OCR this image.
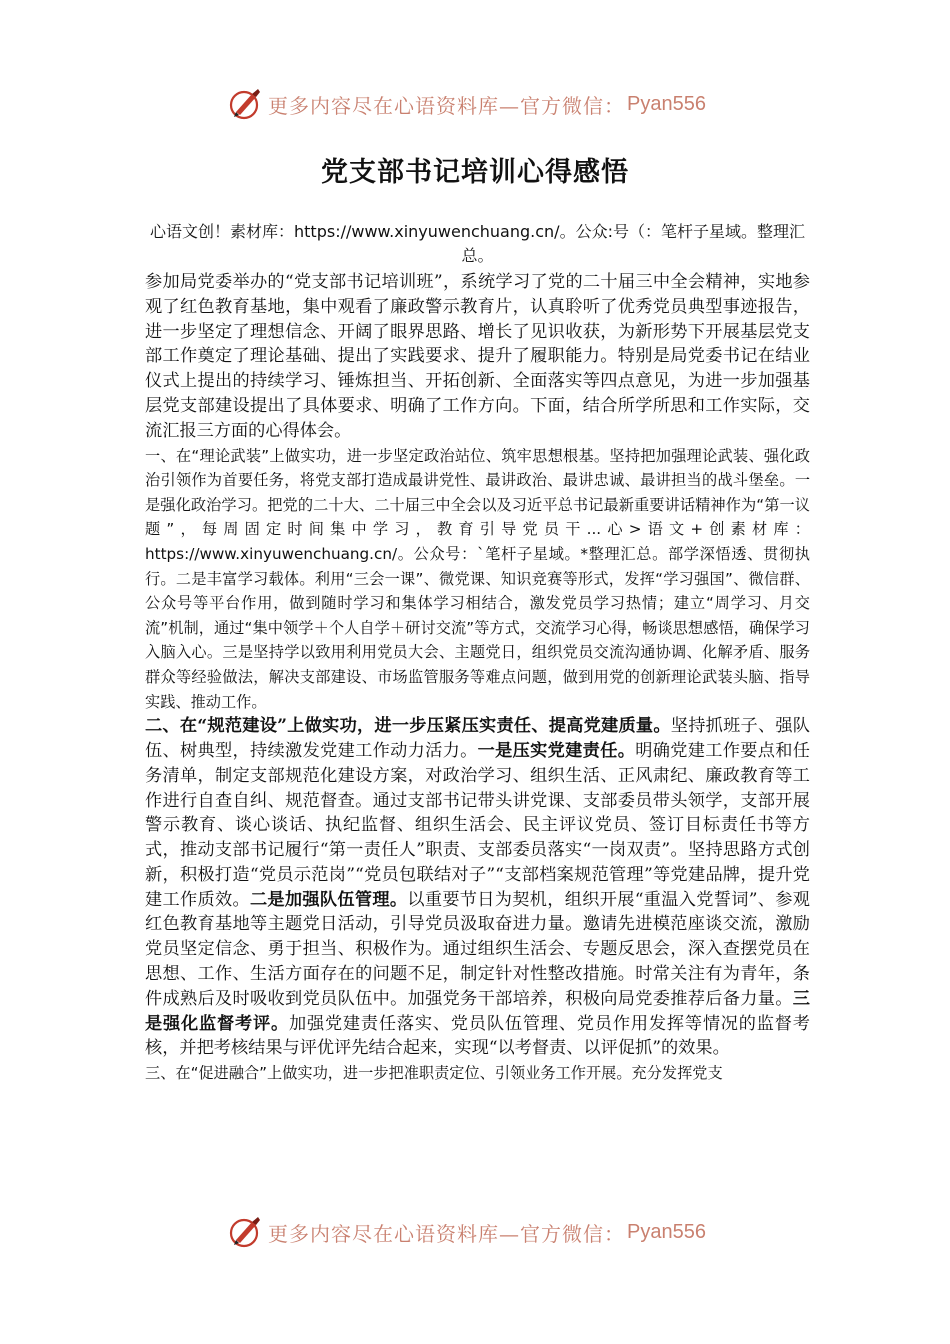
更多内容尽在心语资料库—官方微信： Pyan556
党支部书记培训心得感悟

心语文创！素材库：https://www.xinyuwenchuang.cn/。公众:号（：笔杆子星域。整理汇总。

参加局党委举办的“党支部书记培训班”，系统学习了党的二十届三中全会精神，实地参观了红色教育基地，集中观看了廉政警示教育片，认真聆听了优秀党员典型事迹报告，进一步坚定了理想信念、开阔了眼界思路、增长了见识收获，为新形势下开展基层党支部工作奠定了理论基础、提出了实践要求、提升了履职能力。特别是局党委书记在结业仪式上提出的持续学习、锤炼担当、开拓创新、全面落实等四点意见，为进一步加强基层党支部建设提出了具体要求、明确了工作方向。下面，结合所学所思和工作实际，交流汇报三方面的心得体会。

一、在“理论武装”上做实功，进一步坚定政治站位、筑牢思想根基。坚持把加强理论武装、强化政治引领作为首要任务，将党支部打造成最讲党性、最讲政治、最讲忠诚、最讲担当的战斗堡垒。一是强化政治学习。把党的二十大、二十届三中全会以及习近平总书记最新重要讲话精神作为“第一议题”，每周固定时间集中学习，教育引导党员干...心>语文+创素材库：https://www.xinyuwenchuang.cn/。公众号：`笔杆子星域。*整理汇总。部学深悟透、贯彻执行。二是丰富学习载体。利用“三会一课”、微党课、知识竞赛等形式，发挥“学习强国”、微信群、公众号等平台作用，做到随时学习和集体学习相结合，激发党员学习热情；建立“周学习、月交流”机制，通过“集中领学＋个人自学＋研讨交流”等方式，交流学习心得，畅谈思想感悟，确保学习入脑入心。三是坚持学以致用利用党员大会、主题党日，组织党员交流沟通协调、化解矛盾、服务群众等经验做法，解决支部建设、市场监管服务等难点问题，做到用党的创新理论武装头脑、指导实践、推动工作。

二、在“规范建设”上做实功，进一步压紧压实责任、提高党建质量。坚持抓班子、强队伍、树典型，持续激发党建工作动力活力。一是压实党建责任。明确党建工作要点和任务清单，制定支部规范化建设方案，对政治学习、组织生活、正风肃纪、廉政教育等工作进行自查自纠、规范督查。通过支部书记带头讲党课、支部委员带头领学，支部开展警示教育、谈心谈话、执纪监督、组织生活会、民主评议党员、签订目标责任书等方式，推动支部书记履行“第一责任人”职责、支部委员落实“一岗双责”。坚持思路方式创新，积极打造“党员示范岗”“党员包联结对子”“支部档案规范管理”等党建品牌，提升党建工作质效。二是加强队伍管理。以重要节日为契机，组织开展“重温入党誓词”、参观红色教育基地等主题党日活动，引导党员汲取奋进力量。邀请先进模范座谈交流，激励党员坚定信念、勇于担当、积极作为。通过组织生活会、专题反思会，深入查摆党员在思想、工作、生活方面存在的问题不足，制定针对性整改措施。时常关注有为青年，条件成熟后及时吸收到党员队伍中。加强党务干部培养，积极向局党委推荐后备力量。三是强化监督考评。加强党建责任落实、党员队伍管理、党员作用发挥等情况的监督考核，并把考核结果与评优评先结合起来，实现“以考督责、以评促抓”的效果。

三、在“促进融合”上做实功，进一步把准职责定位、引领业务工作开展。充分发挥党支

更多内容尽在心语资料库—官方微信： Pyan556
